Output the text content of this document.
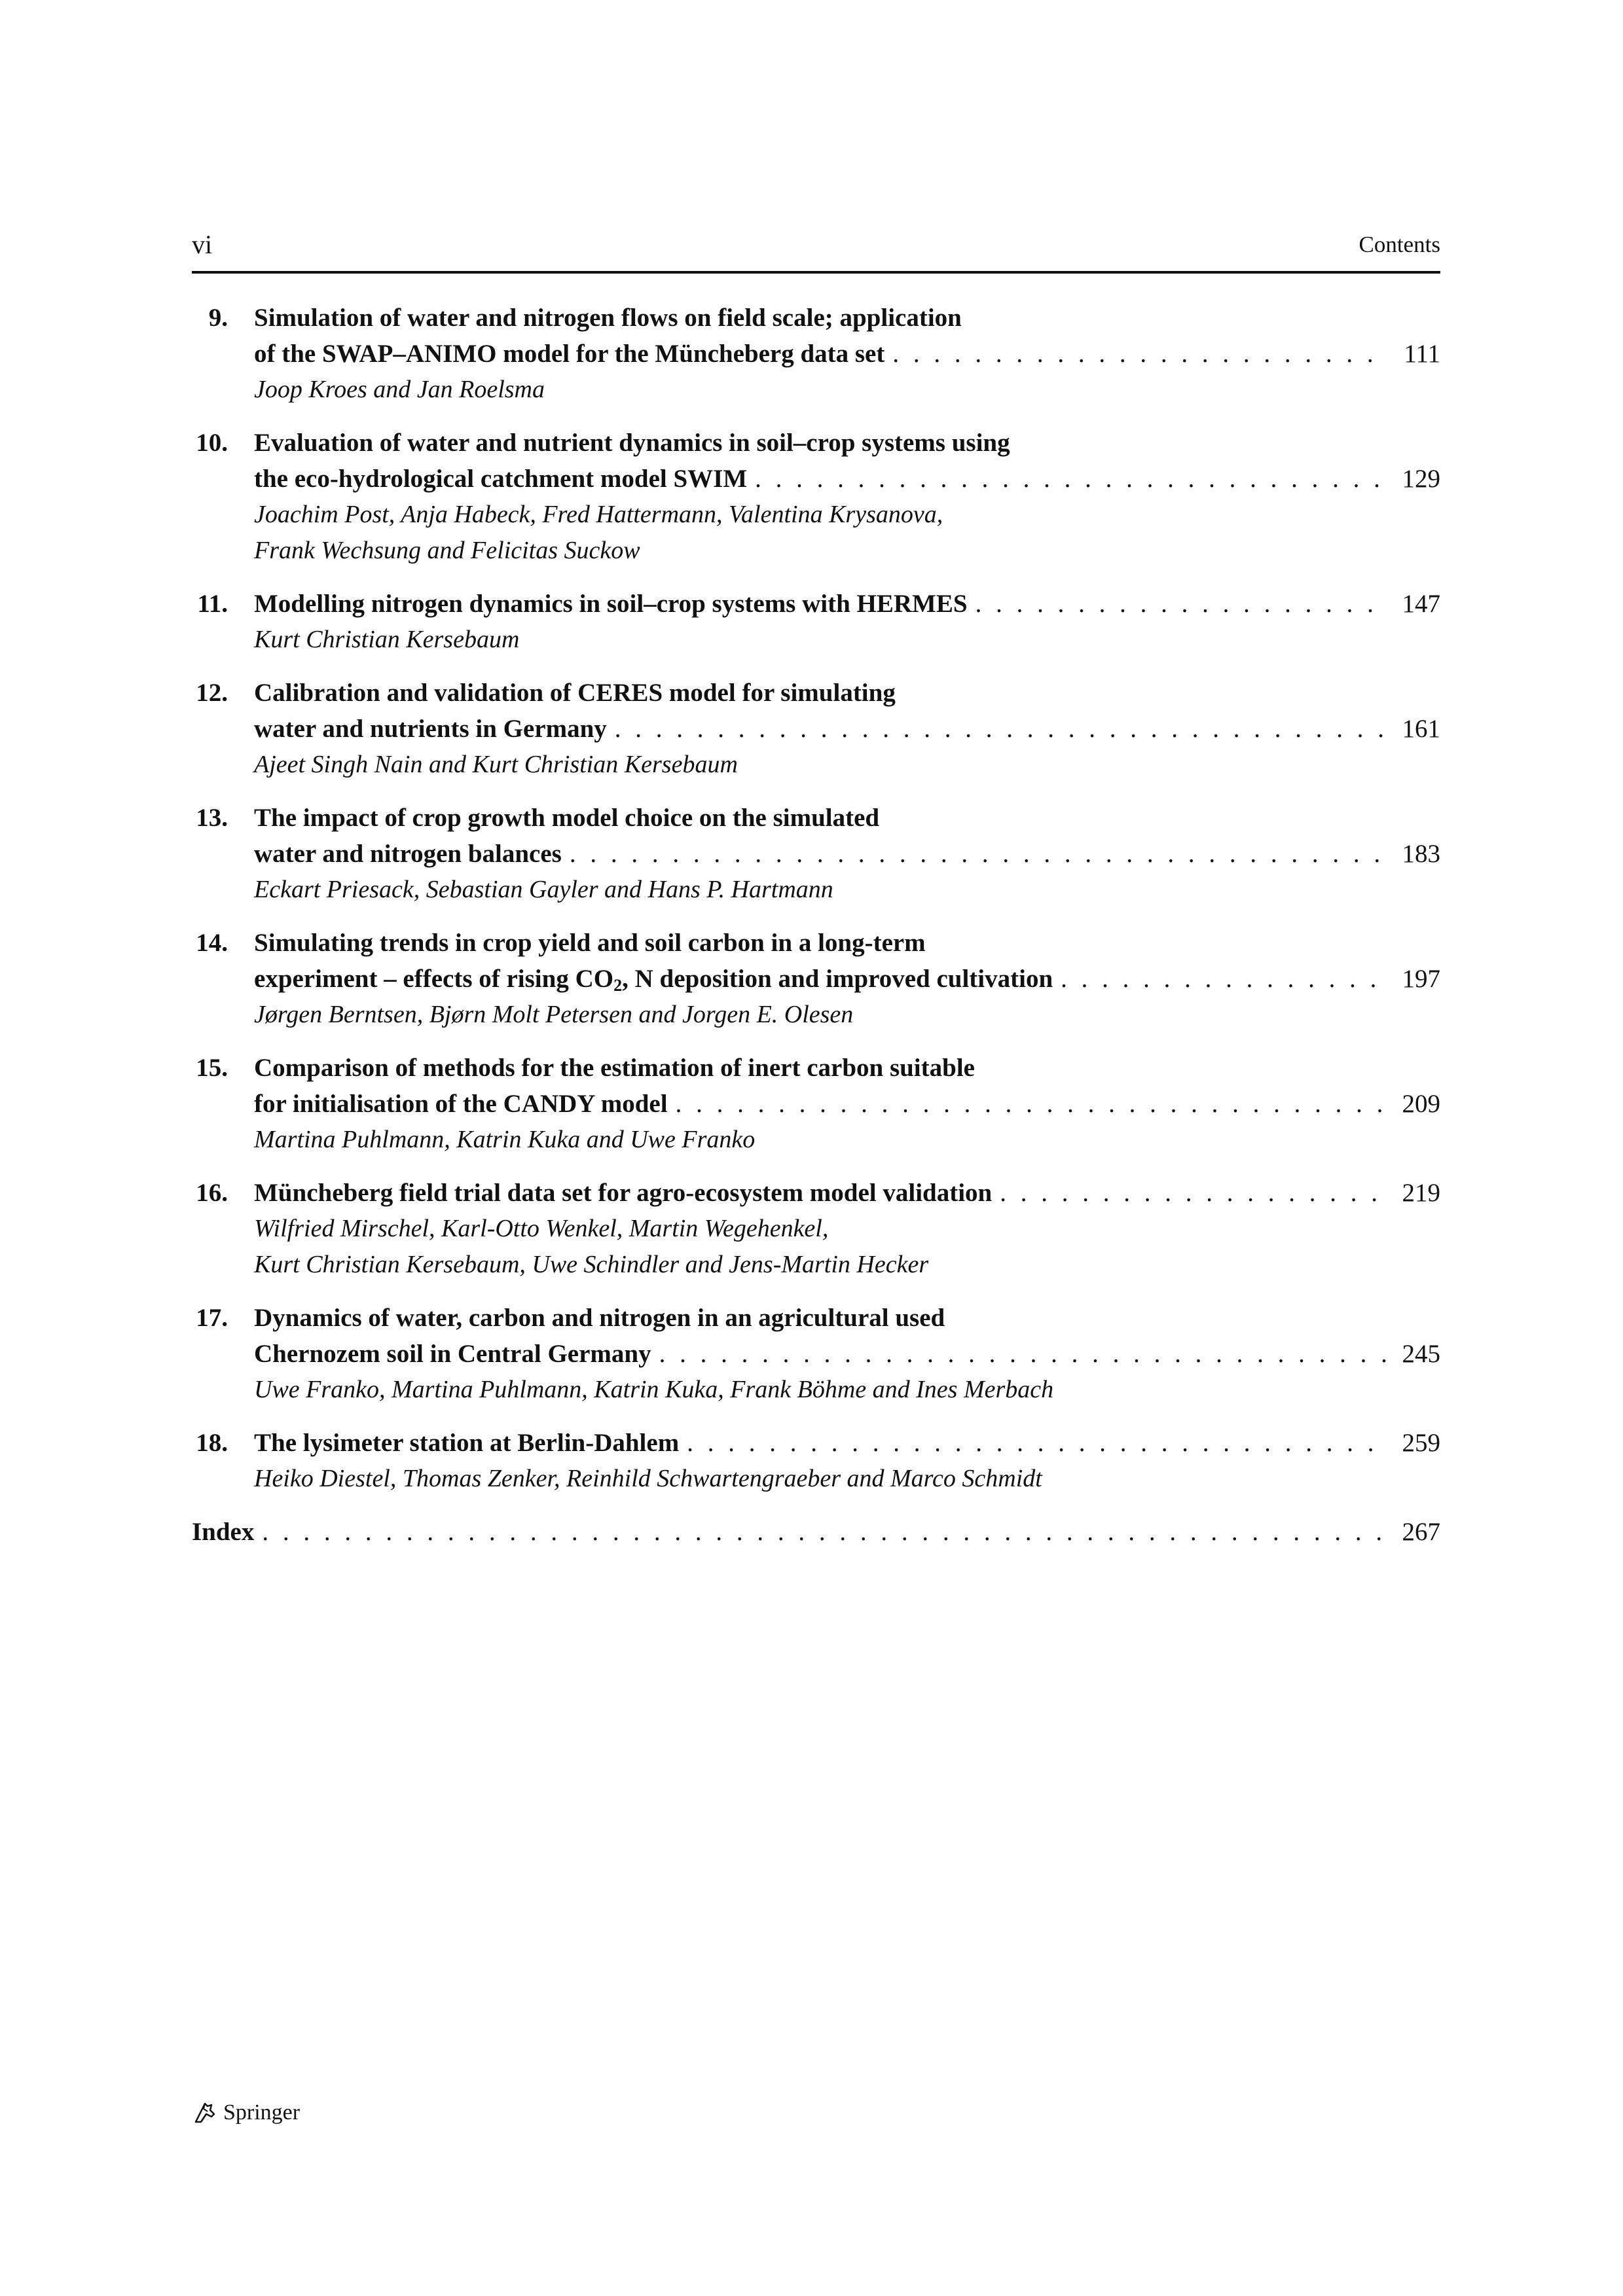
vi	Contents
9. Simulation of water and nitrogen flows on field scale; application
of the SWAP–ANIMO model for the Müncheberg data set . . .	111
Joop Kroes and Jan Roelsma
10. Evaluation of water and nutrient dynamics in soil–crop systems using
the eco-hydrological catchment model SWIM . . .	129
Joachim Post, Anja Habeck, Fred Hattermann, Valentina Krysanova,
Frank Wechsung and Felicitas Suckow
11. Modelling nitrogen dynamics in soil–crop systems with HERMES . . .	147
Kurt Christian Kersebaum
12. Calibration and validation of CERES model for simulating
water and nutrients in Germany . . .	161
Ajeet Singh Nain and Kurt Christian Kersebaum
13. The impact of crop growth model choice on the simulated
water and nitrogen balances . . .	183
Eckart Priesack, Sebastian Gayler and Hans P. Hartmann
14. Simulating trends in crop yield and soil carbon in a long-term
experiment – effects of rising $CO_2$, N deposition and improved cultivation . . .	197
Jørgen Berntsen, Bjørn Molt Petersen and Jorgen E. Olesen
15. Comparison of methods for the estimation of inert carbon suitable
for initialisation of the CANDY model . . .	209
Martina Puhlmann, Katrin Kuka and Uwe Franko
16. Müncheberg field trial data set for agro-ecosystem model validation . . .	219
Wilfried Mirschel, Karl-Otto Wenkel, Martin Wegehenkel,
Kurt Christian Kersebaum, Uwe Schindler and Jens-Martin Hecker
17. Dynamics of water, carbon and nitrogen in an agricultural used
Chernozem soil in Central Germany . . .	245
Uwe Franko, Martina Puhlmann, Katrin Kuka, Frank Böhme and Ines Merbach
18. The lysimeter station at Berlin-Dahlem . . .	259
Heiko Diestel, Thomas Zenker, Reinhild Schwartengraeber and Marco Schmidt
Index . . .	267
Springer
